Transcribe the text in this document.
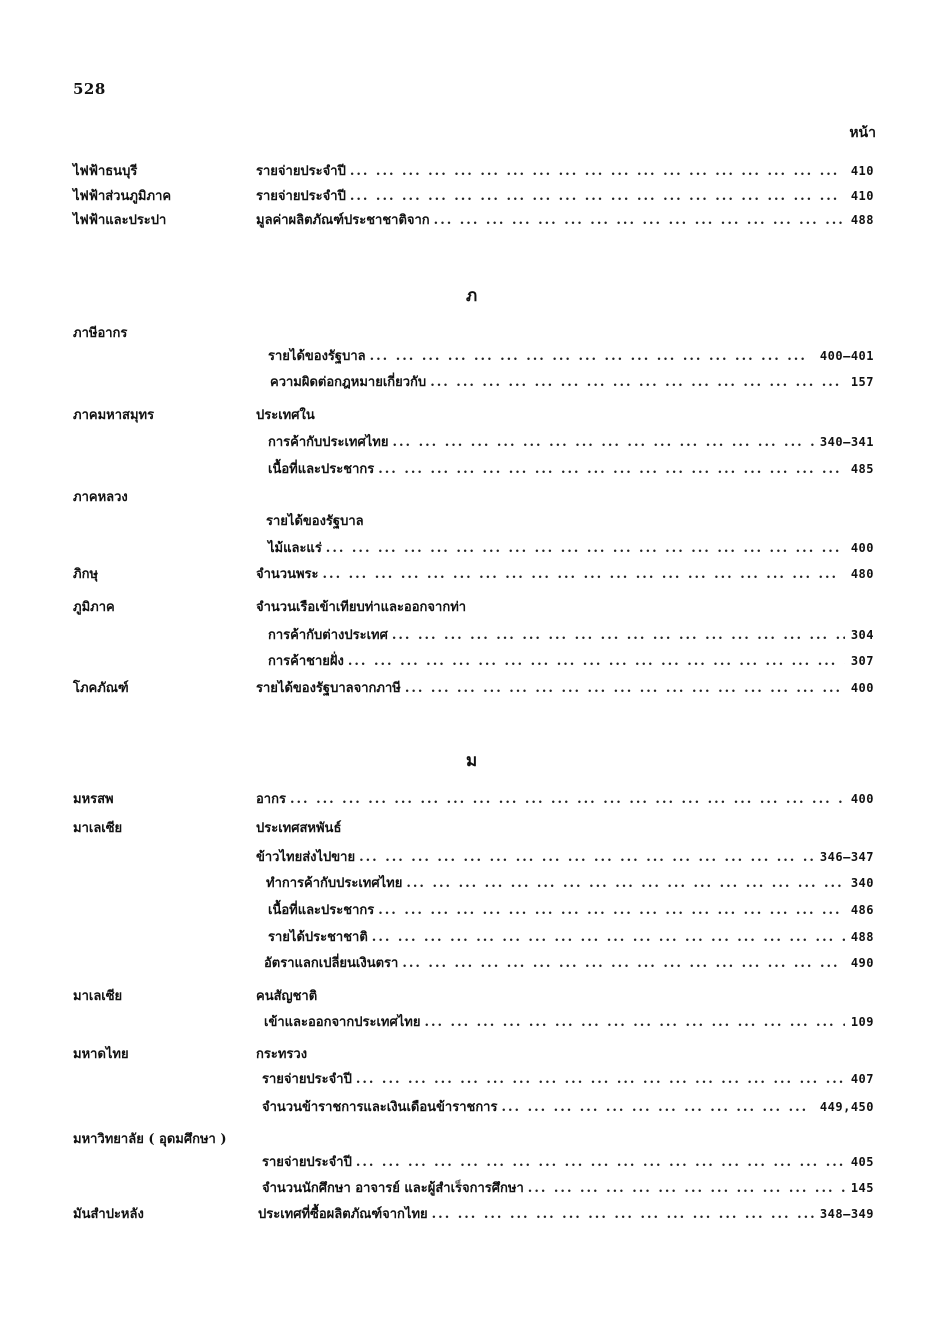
528
หน้า
ไฟฟ้าธนบุรี	รายจ่ายประจำปี ...	410
ไฟฟ้าส่วนภูมิภาค	รายจ่ายประจำปี ...	410
ไฟฟ้าและประปา	มูลค่าผลิตภัณฑ์ประชาชาติจาก ...	488
ภ
ภาษีอากร
รายได้ของรัฐบาล ...	400–401
ความผิดต่อกฎหมายเกี่ยวกับ ...	157
ภาคมหาสมุทร	ประเทศใน
การค้ากับประเทศไทย ...	340–341
เนื้อที่และประชากร ...	485
ภาคหลวง
รายได้ของรัฐบาล
ไม้และแร่ ...	400
ภิกษุ	จำนวนพระ ...	480
ภูมิภาค	จำนวนเรือเข้าเทียบท่าและออกจากท่า
การค้ากับต่างประเทศ ...	304
การค้าชายฝั่ง ...	307
โภคภัณฑ์	รายได้ของรัฐบาลจากภาษี ...	400
ม
มหรสพ	อากร ...	400
มาเลเซีย	ประเทศสหพันธ์
ข้าวไทยส่งไปขาย ...	346–347
ทำการค้ากับประเทศไทย ...	340
เนื้อที่และประชากร ...	486
รายได้ประชาชาติ ...	488
อัตราแลกเปลี่ยนเงินตรา ...	490
มาเลเซีย	คนสัญชาติ
เข้าและออกจากประเทศไทย ...	109
มหาดไทย	กระทรวง
รายจ่ายประจำปี ...	407
จำนวนข้าราชการและเงินเดือนข้าราชการ ...	449,450
มหาวิทยาลัย ( อุดมศึกษา )
รายจ่ายประจำปี ...	405
จำนวนนักศึกษา อาจารย์ และผู้สำเร็จการศึกษา ...	145
มันสำปะหลัง	ประเทศที่ซื้อผลิตภัณฑ์จากไทย ...	348–349
